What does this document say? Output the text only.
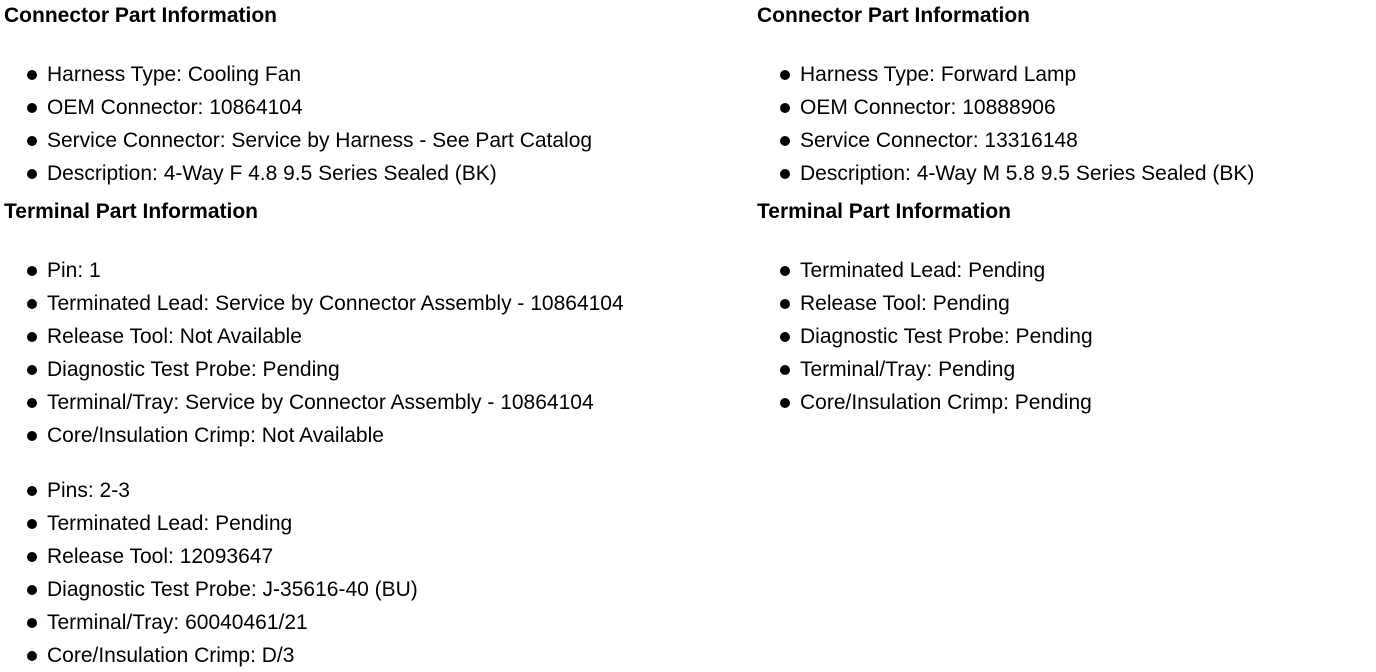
Connector Part Information
Harness Type: Cooling Fan
OEM Connector: 10864104
Service Connector: Service by Harness - See Part Catalog
Description: 4-Way F 4.8 9.5 Series Sealed (BK)
Terminal Part Information
Pin: 1
Terminated Lead: Service by Connector Assembly - 10864104
Release Tool: Not Available
Diagnostic Test Probe: Pending
Terminal/Tray: Service by Connector Assembly - 10864104
Core/Insulation Crimp: Not Available
Pins: 2-3
Terminated Lead: Pending
Release Tool: 12093647
Diagnostic Test Probe: J-35616-40 (BU)
Terminal/Tray: 60040461/21
Core/Insulation Crimp: D/3
Connector Part Information
Harness Type: Forward Lamp
OEM Connector: 10888906
Service Connector: 13316148
Description: 4-Way M 5.8 9.5 Series Sealed (BK)
Terminal Part Information
Terminated Lead: Pending
Release Tool: Pending
Diagnostic Test Probe: Pending
Terminal/Tray: Pending
Core/Insulation Crimp: Pending
